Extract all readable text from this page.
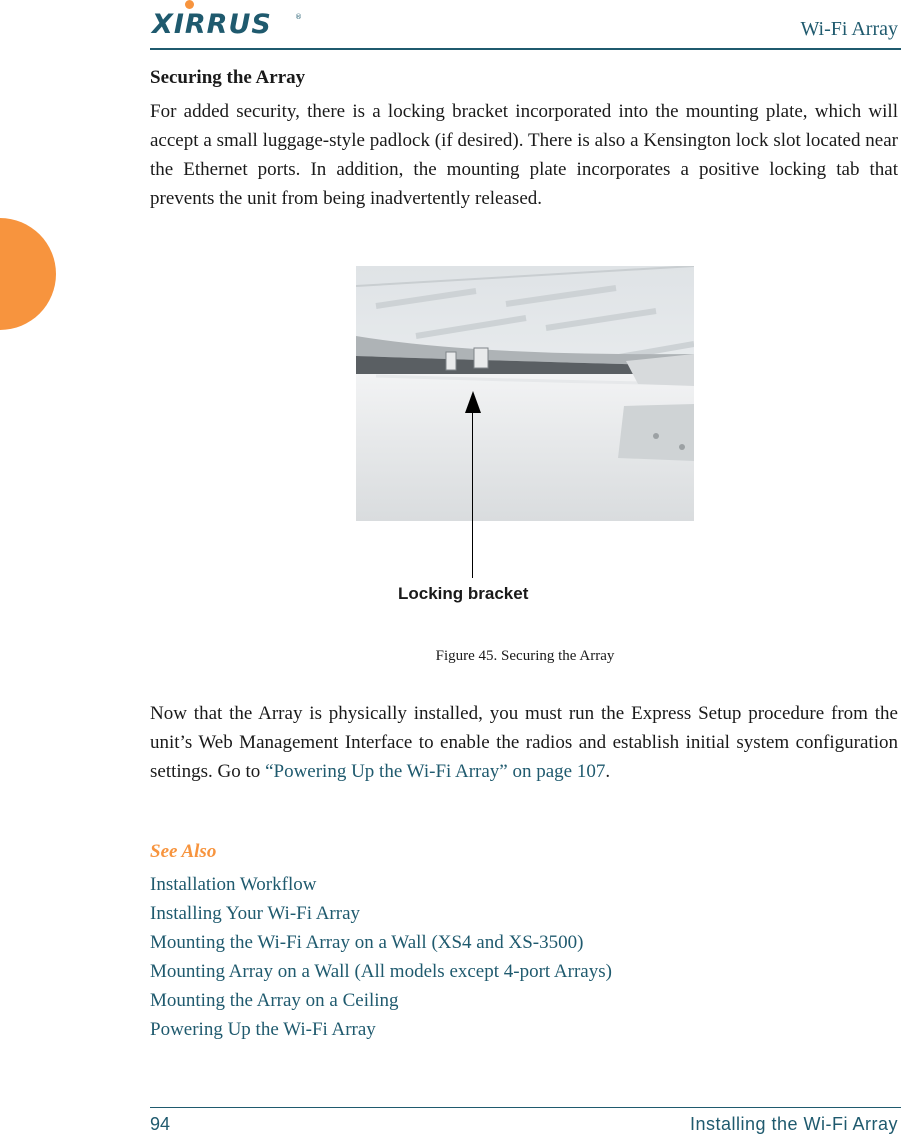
XIRRUS	®
Wi-Fi Array
Securing the Array
For added security, there is a locking bracket incorporated into the mounting plate, which will accept a small luggage-style padlock (if desired). There is also a Kensington lock slot located near the Ethernet ports. In addition, the mounting plate incorporates a positive locking tab that prevents the unit from being inadvertently released.
Locking bracket
Figure 45. Securing the Array
Now that the Array is physically installed, you must run the Express Setup procedure from the unit’s Web Management Interface to enable the radios and establish initial system configuration settings. Go to “Powering Up the Wi-Fi Array” on page 107.
See Also
Installation Workflow
Installing Your Wi-Fi Array
Mounting the Wi-Fi Array on a Wall (XS4 and XS-3500)
Mounting Array on a Wall (All models except 4-port Arrays)
Mounting the Array on a Ceiling
Powering Up the Wi-Fi Array
94	Installing the Wi-Fi Array
